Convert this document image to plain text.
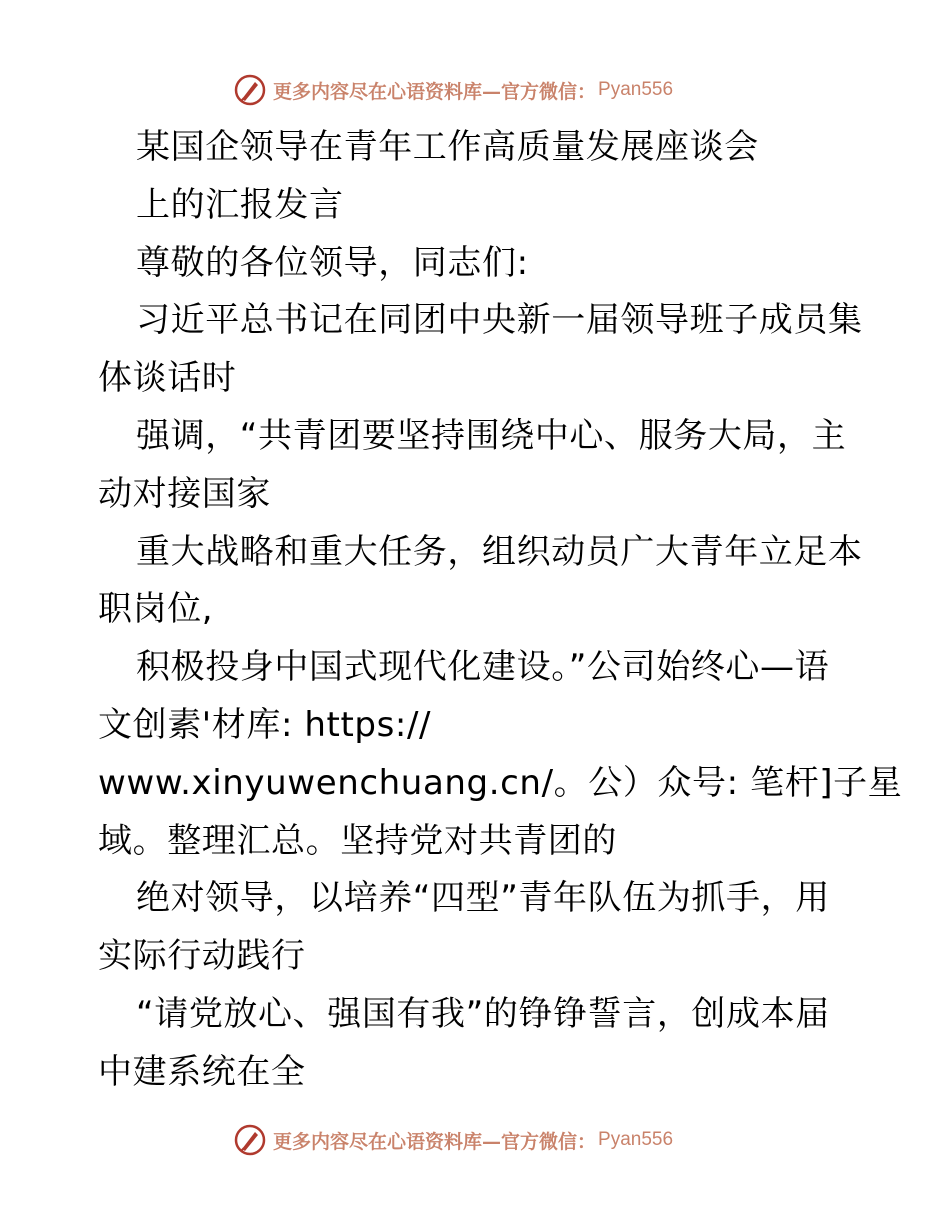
更多内容尽在心语资料库—官方微信： Pyan556
某国企领导在青年工作高质量发展座谈会
上的汇报发言
尊敬的各位领导，同志们:
习近平总书记在同团中央新一届领导班子成员集
体谈话时
强调，“共青团要坚持围绕中心、服务大局，主
动对接国家
重大战略和重大任务，组织动员广大青年立足本
职岗位,
积极投身中国式现代化建设。”公司始终心—语
文创素'材库: https://
www.xinyuwenchuang.cn/。公）众号: 笔杆]子星
域。整理汇总。坚持党对共青团的
绝对领导，以培养“四型”青年队伍为抓手，用
实际行动践行
“请党放心、强国有我”的铮铮誓言，创成本届
中建系统在全
更多内容尽在心语资料库—官方微信： Pyan556
